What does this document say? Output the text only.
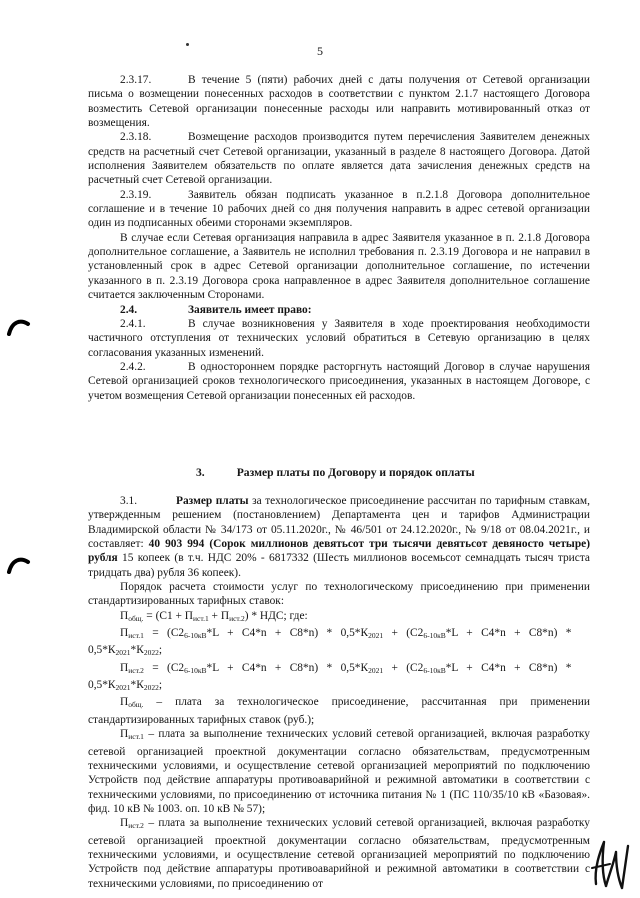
5

2.3.17.	В течение 5 (пяти) рабочих дней с даты получения от Сетевой организации письма о возмещении понесенных расходов в соответствии с пунктом 2.1.7 настоящего Договора возместить Сетевой организации понесенные расходы или направить мотивированный отказ от возмещения.

2.3.18.	Возмещение расходов производится путем перечисления Заявителем денежных средств на расчетный счет Сетевой организации, указанный в разделе 8 настоящего Договора. Датой исполнения Заявителем обязательств по оплате является дата зачисления денежных средств на расчетный счет Сетевой организации.

2.3.19.	Заявитель обязан подписать указанное в п.2.1.8 Договора дополнительное соглашение и в течение 10 рабочих дней со дня получения направить в адрес сетевой организации один из подписанных обеими сторонами экземпляров.

В случае если Сетевая организация направила в адрес Заявителя указанное в п. 2.1.8 Договора дополнительное соглашение, а Заявитель не исполнил требования п. 2.3.19 Договора и не направил в установленный срок в адрес Сетевой организации дополнительное соглашение, по истечении указанного в п. 2.3.19 Договора срока направленное в адрес Заявителя дополнительное соглашение считается заключенным Сторонами.

2.4.	Заявитель имеет право:

2.4.1.	В случае возникновения у Заявителя в ходе проектирования необходимости частичного отступления от технических условий обратиться в Сетевую организацию в целях согласования указанных изменений.

2.4.2.	В одностороннем порядке расторгнуть настоящий Договор в случае нарушения Сетевой организацией сроков технологического присоединения, указанных в настоящем Договоре, с учетом возмещения Сетевой организации понесенных ей расходов.

3.	Размер платы по Договору и порядок оплаты

3.1.	Размер платы за технологическое присоединение рассчитан по тарифным ставкам, утвержденным решением (постановлением) Департамента цен и тарифов Администрации Владимирской области № 34/173 от 05.11.2020г., № 46/501 от 24.12.2020г., № 9/18 от 08.04.2021г., и составляет: 40 903 994 (Сорок миллионов девятьсот три тысячи девятьсот девяносто четыре) рубля 15 копеек (в т.ч. НДС 20% - 6817332 (Шесть миллионов восемьсот семнадцать тысяч триста тридцать два) рубля 36 копеек).

Порядок расчета стоимости услуг по технологическому присоединению при применении стандартизированных тарифных ставок:

$П_{общ.} = (С1 + П_{ист.1} + П_{ист.2})$ * НДС; где:
$П_{ист.1} = (С2_{6-10кВ}*L + С4*n + С8*n) * 0,5*К_{2021} + (С2_{6-10кВ}*L + С4*n + С8*n)$ *
$0,5*К_{2021}*К_{2022}$;
$П_{ист.2} = (С2_{6-10кВ}*L + С4*n + С8*n) * 0,5*К_{2021} + (С2_{6-10кВ}*L + С4*n + С8*n)$ *
$0,5*К_{2021}*К_{2022}$;

$П_{общ.}$ – плата за технологическое присоединение, рассчитанная при применении стандартизированных тарифных ставок (руб.);

$П_{ист.1}$ – плата за выполнение технических условий сетевой организацией, включая разработку сетевой организацией проектной документации согласно обязательствам, предусмотренным техническими условиями, и осуществление сетевой организацией мероприятий по подключению Устройств под действие аппаратуры противоаварийной и режимной автоматики в соответствии с техническими условиями, по присоединению от источника питания № 1 (ПС 110/35/10 кВ «Базовая». фид. 10 кВ № 1003. оп. 10 кВ № 57);

$П_{ист.2}$ – плата за выполнение технических условий сетевой организацией, включая разработку сетевой организацией проектной документации согласно обязательствам, предусмотренным техническими условиями, и осуществление сетевой организацией мероприятий по подключению Устройств под действие аппаратуры противоаварийной и режимной автоматики в соответствии с техническими условиями, по присоединению от
